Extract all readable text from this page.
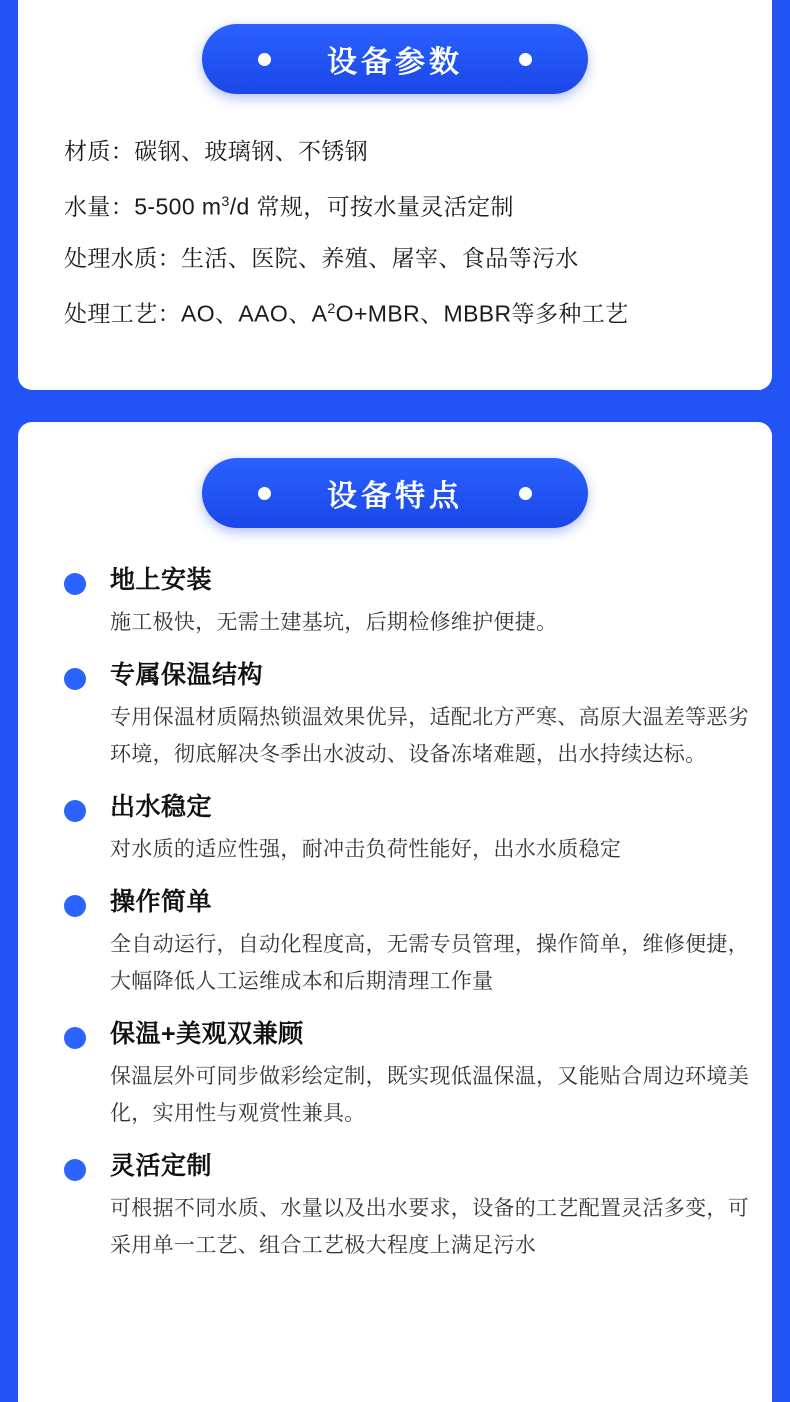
设备参数
材质：碳钢、玻璃钢、不锈钢
水量：5-500 $m^3/d$ 常规，可按水量灵活定制
处理水质：生活、医院、养殖、屠宰、食品等污水
处理工艺：AO、AAO、$A^2O+MBR$、MBBR等多种工艺
设备特点

地上安装

施工极快，无需土建基坑，后期检修维护便捷。

专属保温结构

专用保温材质隔热锁温效果优异，适配北方严寒、高原大温差等恶劣环境，彻底解决冬季出水波动、设备冻堵难题，出水持续达标。

出水稳定

对水质的适应性强，耐冲击负荷性能好，出水水质稳定

操作简单

全自动运行，自动化程度高，无需专员管理，操作简单，维修便捷，大幅降低人工运维成本和后期清理工作量

保温+美观双兼顾

保温层外可同步做彩绘定制，既实现低温保温，又能贴合周边环境美化，实用性与观赏性兼具。

灵活定制

可根据不同水质、水量以及出水要求，设备的工艺配置灵活多变，可采用单一工艺、组合工艺极大程度上满足污水
